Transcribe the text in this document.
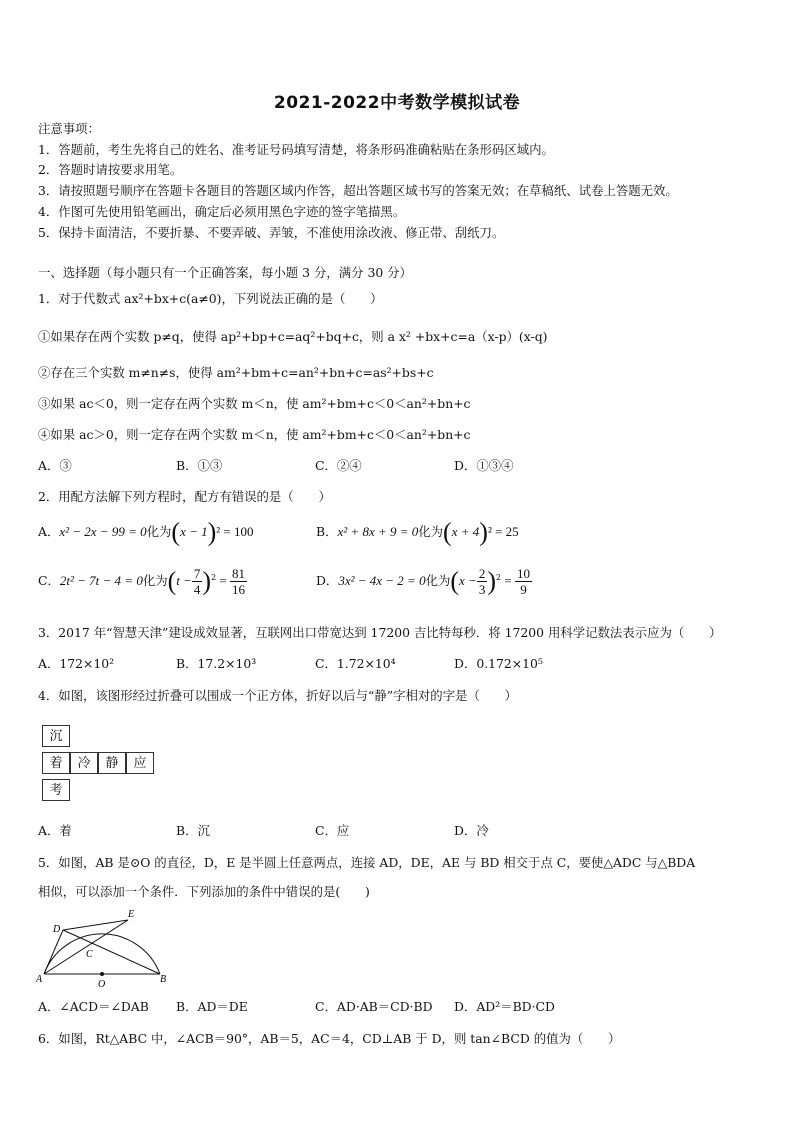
2021-2022中考数学模拟试卷
注意事项：
1．答题前，考生先将自己的姓名、准考证号码填写清楚，将条形码准确粘贴在条形码区域内。
2．答题时请按要求用笔。
3．请按照题号顺序在答题卡各题目的答题区域内作答，超出答题区域书写的答案无效；在草稿纸、试卷上答题无效。
4．作图可先使用铅笔画出，确定后必须用黑色字迹的签字笔描黑。
5．保持卡面清洁，不要折暴、不要弄破、弄皱，不准使用涂改液、修正带、刮纸刀。
一、选择题（每小题只有一个正确答案，每小题 3 分，满分 30 分）
1．对于代数式 ax²+bx+c(a≠0)，下列说法正确的是（　　）
①如果存在两个实数 p≠q，使得 ap²+bp+c=aq²+bq+c，则 a x² +bx+c=a（x-p）(x-q)
②存在三个实数 m≠n≠s，使得 am²+bm+c=an²+bn+c=as²+bs+c
③如果 ac＜0，则一定存在两个实数 m＜n，使 am²+bm+c＜0＜an²+bn+c
④如果 ac＞0，则一定存在两个实数 m＜n，使 am²+bm+c＜0＜an²+bn+c
A．③	B．①③	C．②④	D．①③④
2．用配方法解下列方程时，配方有错误的是（　　）
A．x² − 2x − 99 = 0化为(x − 1)² = 100	B．x² + 8x + 9 = 0化为(x + 4)² = 25
C．2t² − 7t − 4 = 0化为$(t - \frac{7}{4} )^2 = \frac{81}{16}$	D．3x² − 4x − 2 = 0化为$(x - \frac{2}{3} )^2 = \frac{10}{9}$
3．2017 年“智慧天津”建设成效显著，互联网出口带宽达到 17200 吉比特每秒．将 17200 用科学记数法表示应为（　　）
A．172×10²	B．17.2×10³	C．1.72×10⁴	D．0.172×10⁵
4．如图，该图形经过折叠可以围成一个正方体，折好以后与“静”字相对的字是（　　）
沉
着	冷	静	应
考
A．着	B．沉	C．应	D．冷
5．如图，AB 是⊙O 的直径，D，E 是半圆上任意两点，连接 AD，DE，AE 与 BD 相交于点 C，要使△ADC 与△BDA
相似，可以添加一个条件．下列添加的条件中错误的是(　　)
D
E
C
A	O	B
A．∠ACD＝∠DAB B．AD＝DE	C．AD·AB＝CD·BD D．AD²＝BD·CD
6．如图，Rt△ABC 中，∠ACB＝90°，AB＝5，AC＝4，CD⊥AB 于 D，则 tan∠BCD 的值为（　　）
